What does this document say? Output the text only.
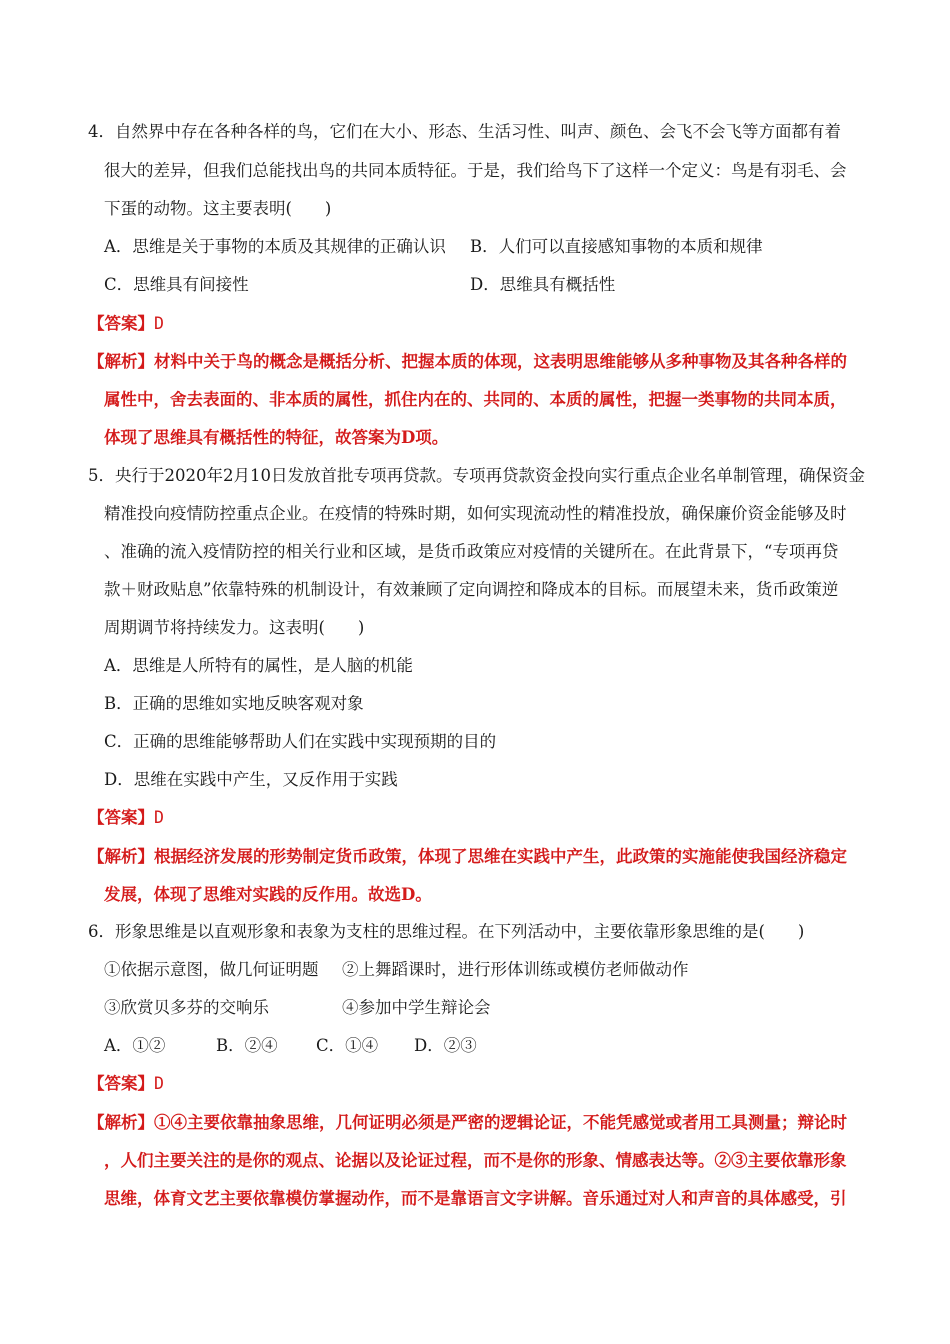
4．自然界中存在各种各样的鸟，它们在大小、形态、生活习性、叫声、颜色、会飞不会飞等方面都有着
很大的差异，但我们总能找出鸟的共同本质特征。于是，我们给鸟下了这样一个定义：鸟是有羽毛、会
下蛋的动物。这主要表明(　　)
A．思维是关于事物的本质及其规律的正确认识 B．人们可以直接感知事物的本质和规律
C．思维具有间接性	D．思维具有概括性
【答案】D
【解析】材料中关于鸟的概念是概括分析、把握本质的体现，这表明思维能够从多种事物及其各种各样的
属性中，舍去表面的、非本质的属性，抓住内在的、共同的、本质的属性，把握一类事物的共同本质，
体现了思维具有概括性的特征，故答案为D项。
5．央行于2020年2月10日发放首批专项再贷款。专项再贷款资金投向实行重点企业名单制管理，确保资金
精准投向疫情防控重点企业。在疫情的特殊时期，如何实现流动性的精准投放，确保廉价资金能够及时
、准确的流入疫情防控的相关行业和区域，是货币政策应对疫情的关键所在。在此背景下，“专项再贷
款＋财政贴息”依靠特殊的机制设计，有效兼顾了定向调控和降成本的目标。而展望未来，货币政策逆
周期调节将持续发力。这表明(　　)
A．思维是人所特有的属性，是人脑的机能
B．正确的思维如实地反映客观对象
C．正确的思维能够帮助人们在实践中实现预期的目的
D．思维在实践中产生，又反作用于实践
【答案】D
【解析】根据经济发展的形势制定货币政策，体现了思维在实践中产生，此政策的实施能使我国经济稳定
发展，体现了思维对实践的反作用。故选D。
6．形象思维是以直观形象和表象为支柱的思维过程。在下列活动中，主要依靠形象思维的是(　　)
①依据示意图，做几何证明题 ②上舞蹈课时，进行形体训练或模仿老师做动作
③欣赏贝多芬的交响乐	④参加中学生辩论会
A．①②	B．②④ C．①④ D．②③
【答案】D
【解析】①④主要依靠抽象思维，几何证明必须是严密的逻辑论证，不能凭感觉或者用工具测量；辩论时
，人们主要关注的是你的观点、论据以及论证过程，而不是你的形象、情感表达等。②③主要依靠形象
思维，体育文艺主要依靠模仿掌握动作，而不是靠语言文字讲解。音乐通过对人和声音的具体感受，引
